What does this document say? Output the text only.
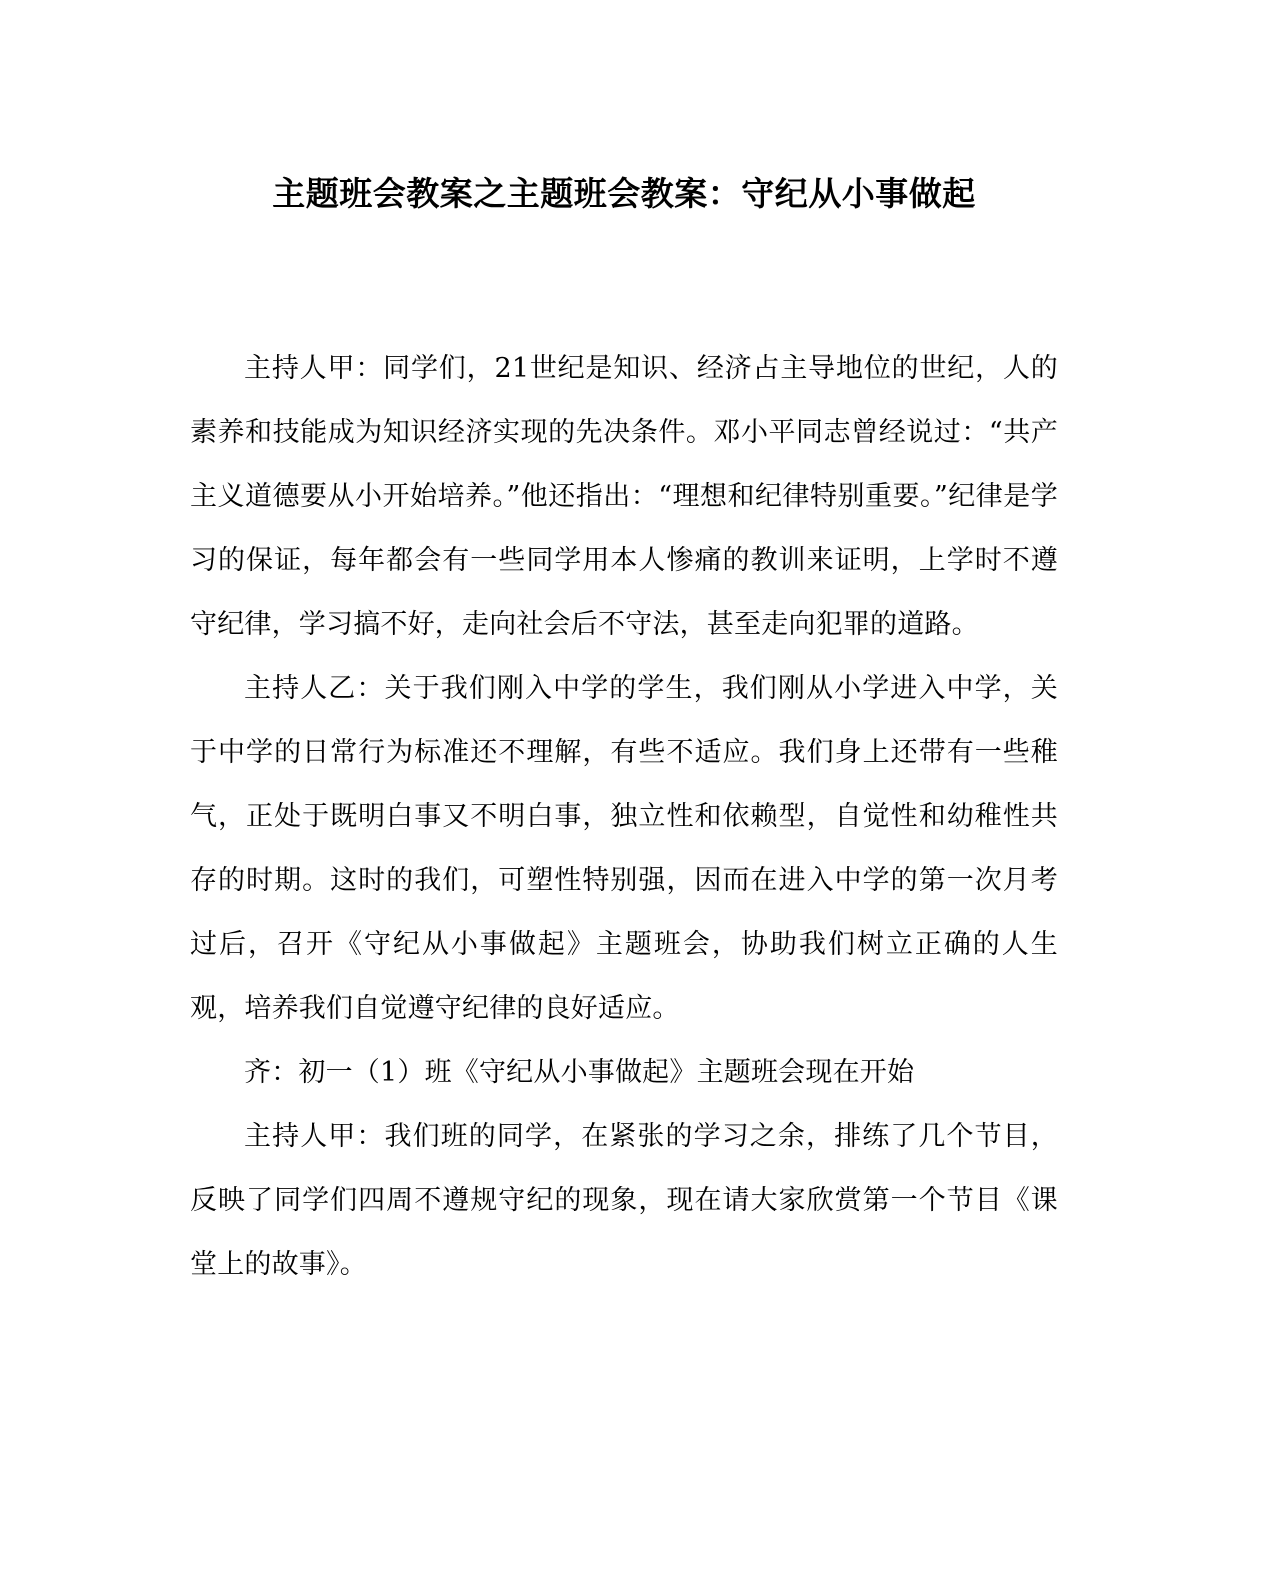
主题班会教案之主题班会教案：守纪从小事做起

主持人甲：同学们，21世纪是知识、经济占主导地位的世纪，人的素养和技能成为知识经济实现的先决条件。邓小平同志曾经说过：“共产主义道德要从小开始培养。”他还指出：“理想和纪律特别重要。”纪律是学习的保证，每年都会有一些同学用本人惨痛的教训来证明，上学时不遵守纪律，学习搞不好，走向社会后不守法，甚至走向犯罪的道路。

主持人乙：关于我们刚入中学的学生，我们刚从小学进入中学，关于中学的日常行为标准还不理解，有些不适应。我们身上还带有一些稚气，正处于既明白事又不明白事，独立性和依赖型，自觉性和幼稚性共存的时期。这时的我们，可塑性特别强，因而在进入中学的第一次月考过后，召开《守纪从小事做起》主题班会，协助我们树立正确的人生观，培养我们自觉遵守纪律的良好适应。

齐：初一（1）班《守纪从小事做起》主题班会现在开始

主持人甲：我们班的同学，在紧张的学习之余，排练了几个节目，反映了同学们四周不遵规守纪的现象，现在请大家欣赏第一个节目《课堂上的故事》。
